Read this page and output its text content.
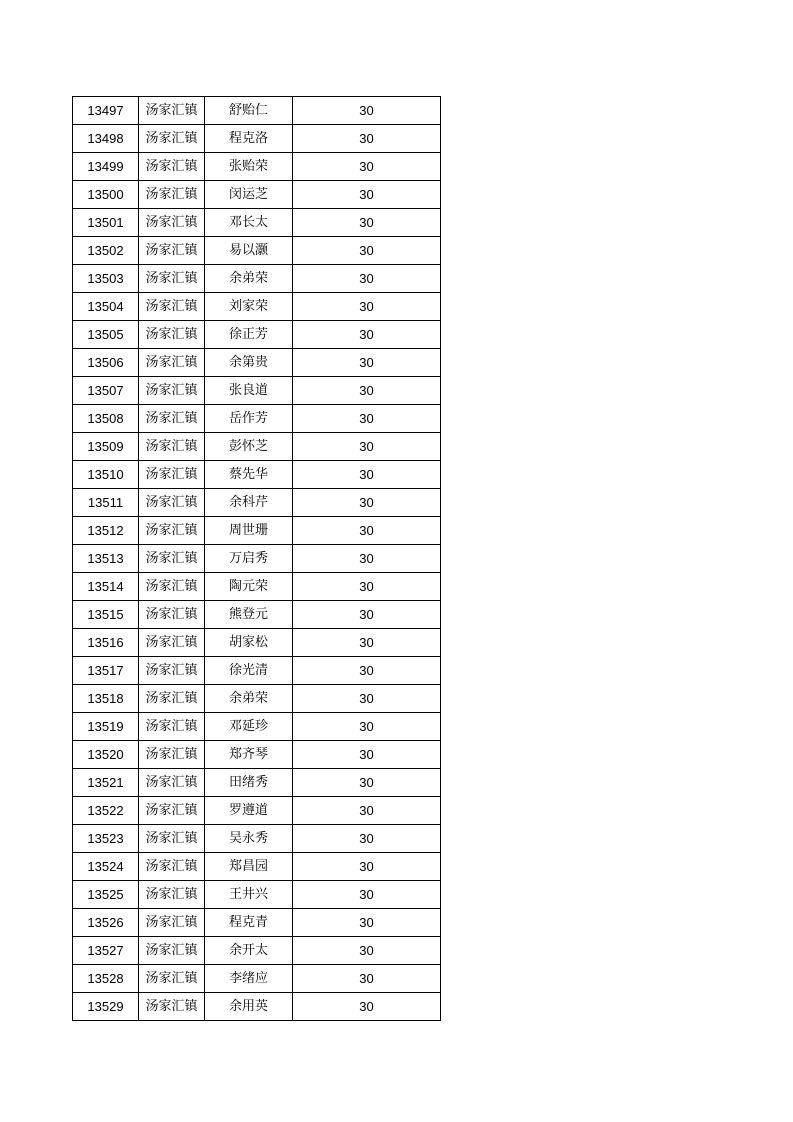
13497	汤家汇镇	舒贻仁	30
13498	汤家汇镇	程克洛	30
13499	汤家汇镇	张贻荣	30
13500	汤家汇镇	闵运芝	30
13501	汤家汇镇	邓长太	30
13502	汤家汇镇	易以灏	30
13503	汤家汇镇	余弟荣	30
13504	汤家汇镇	刘家荣	30
13505	汤家汇镇	徐正芳	30
13506	汤家汇镇	余第贵	30
13507	汤家汇镇	张良道	30
13508	汤家汇镇	岳作芳	30
13509	汤家汇镇	彭怀芝	30
13510	汤家汇镇	蔡先华	30
13511	汤家汇镇	余科芹	30
13512	汤家汇镇	周世珊	30
13513	汤家汇镇	万启秀	30
13514	汤家汇镇	陶元荣	30
13515	汤家汇镇	熊登元	30
13516	汤家汇镇	胡家松	30
13517	汤家汇镇	徐光清	30
13518	汤家汇镇	余弟荣	30
13519	汤家汇镇	邓延珍	30
13520	汤家汇镇	郑齐琴	30
13521	汤家汇镇	田绪秀	30
13522	汤家汇镇	罗遵道	30
13523	汤家汇镇	吴永秀	30
13524	汤家汇镇	郑昌园	30
13525	汤家汇镇	王井兴	30
13526	汤家汇镇	程克青	30
13527	汤家汇镇	余开太	30
13528	汤家汇镇	李绪应	30
13529	汤家汇镇	余用英	30
